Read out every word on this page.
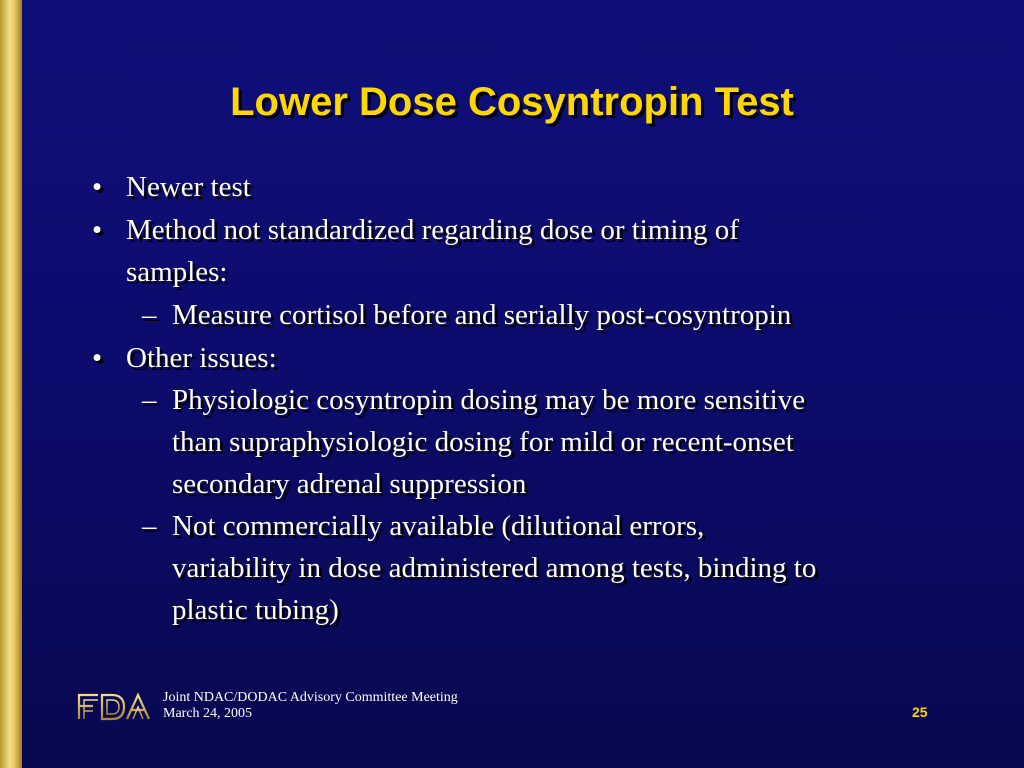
Lower Dose Cosyntropin Test
• Newer test
• Method not standardized regarding dose or timing of
samples:
– Measure cortisol before and serially post-cosyntropin
• Other issues:
– Physiologic cosyntropin dosing may be more sensitive
than supraphysiologic dosing for mild or recent-onset
secondary adrenal suppression
– Not commercially available (dilutional errors,
variability in dose administered among tests, binding to
plastic tubing)
Joint NDAC/DODAC Advisory Committee Meeting
March 24, 2005	25
